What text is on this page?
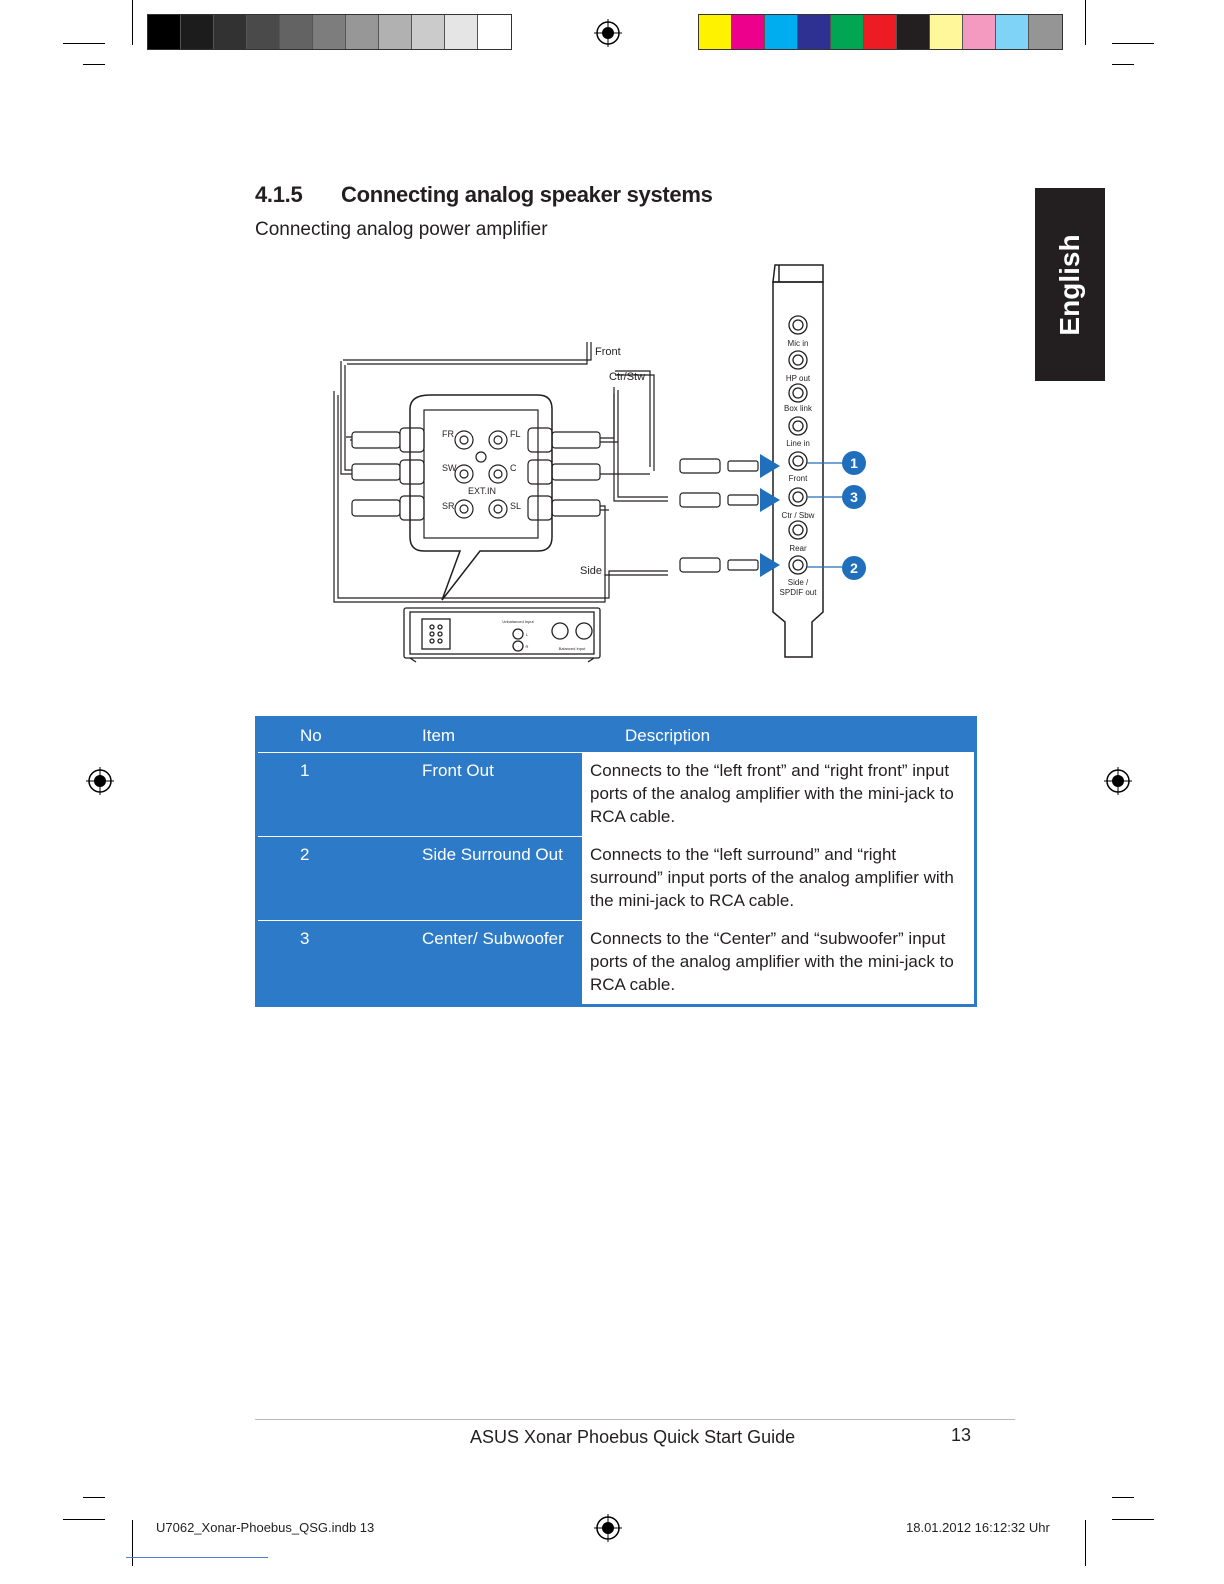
4.1.5 Connecting analog speaker systems
Connecting analog power amplifier
English
Mic in
HP out
Box link
Line in
Front
Ctr / Sbw
Rear
Side /
SPDIF out
FR	FL
SW	C
SR	SL
EXT.IN
Front
Ctr/Stw
Side
1
3
2
Unbalanced Input
Balanced Input
L
R
No	Item	Description
1	Front Out	Connects to the “left front” and “right front” input ports of the analog amplifier with the mini-jack to RCA cable.
2	Side Surround Out	Connects to the “left surround” and “right surround” input ports of the analog amplifier with the mini-jack to RCA cable.
3	Center/ Subwoofer	Connects to the “Center” and “subwoofer” input ports of the analog amplifier with the mini-jack to RCA cable.
ASUS Xonar Phoebus Quick Start Guide	13
U7062_Xonar-Phoebus_QSG.indb 13	18.01.2012 16:12:32 Uhr
